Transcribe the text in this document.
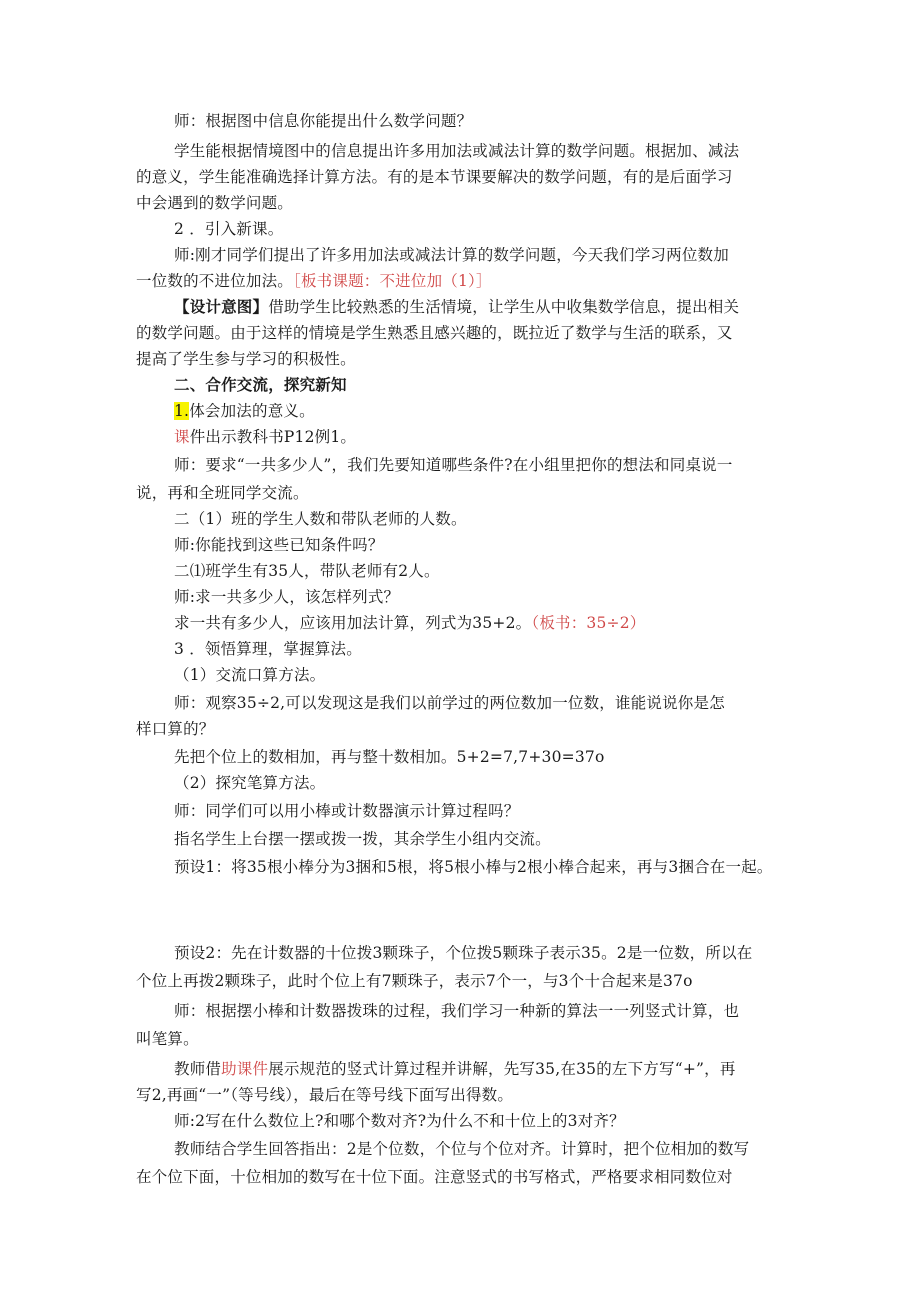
师：根据图中信息你能提出什么数学问题？
学生能根据情境图中的信息提出许多用加法或减法计算的数学问题。根据加、减法
的意义，学生能准确选择计算方法。有的是本节课要解决的数学问题，有的是后面学习
中会遇到的数学问题。
2 ．引入新课。
师:刚才同学们提出了许多用加法或减法计算的数学问题，今天我们学习两位数加
一位数的不进位加法。［板书课题：不进位加（1）］
【设计意图】借助学生比较熟悉的生活情境，让学生从中收集数学信息，提出相关
的数学问题。由于这样的情境是学生熟悉且感兴趣的，既拉近了数学与生活的联系，又
提高了学生参与学习的积极性。
二、合作交流，探究新知
1.体会加法的意义。
课件出示教科书P12例1。
师：要求“一共多少人”，我们先要知道哪些条件?在小组里把你的想法和同桌说一
说，再和全班同学交流。
二（1）班的学生人数和带队老师的人数。
师:你能找到这些已知条件吗？
二⑴班学生有35人，带队老师有2人。
师:求一共多少人，该怎样列式？
求一共有多少人，应该用加法计算，列式为35+2。（板书：35÷2）
3 ．领悟算理，掌握算法。
（1）交流口算方法。
师：观察35÷2,可以发现这是我们以前学过的两位数加一位数，谁能说说你是怎
样口算的？
先把个位上的数相加，再与整十数相加。5+2=7,7+30=37o
（2）探究笔算方法。
师：同学们可以用小棒或计数器演示计算过程吗？
指名学生上台摆一摆或拨一拨，其余学生小组内交流。
预设1：将35根小棒分为3捆和5根，将5根小棒与2根小棒合起来，再与3捆合在一起。
预设2：先在计数器的十位拨3颗珠子，个位拨5颗珠子表示35。2是一位数，所以在
个位上再拨2颗珠子，此时个位上有7颗珠子，表示7个一，与3个十合起来是37o
师：根据摆小棒和计数器拨珠的过程，我们学习一种新的算法一一列竖式计算，也
叫笔算。
教师借助课件展示规范的竖式计算过程并讲解，先写35,在35的左下方写“+”，再
写2,再画“一”（等号线），最后在等号线下面写出得数。
师:2写在什么数位上?和哪个数对齐?为什么不和十位上的3对齐？
教师结合学生回答指出：2是个位数，个位与个位对齐。计算时，把个位相加的数写
在个位下面，十位相加的数写在十位下面。注意竖式的书写格式，严格要求相同数位对
